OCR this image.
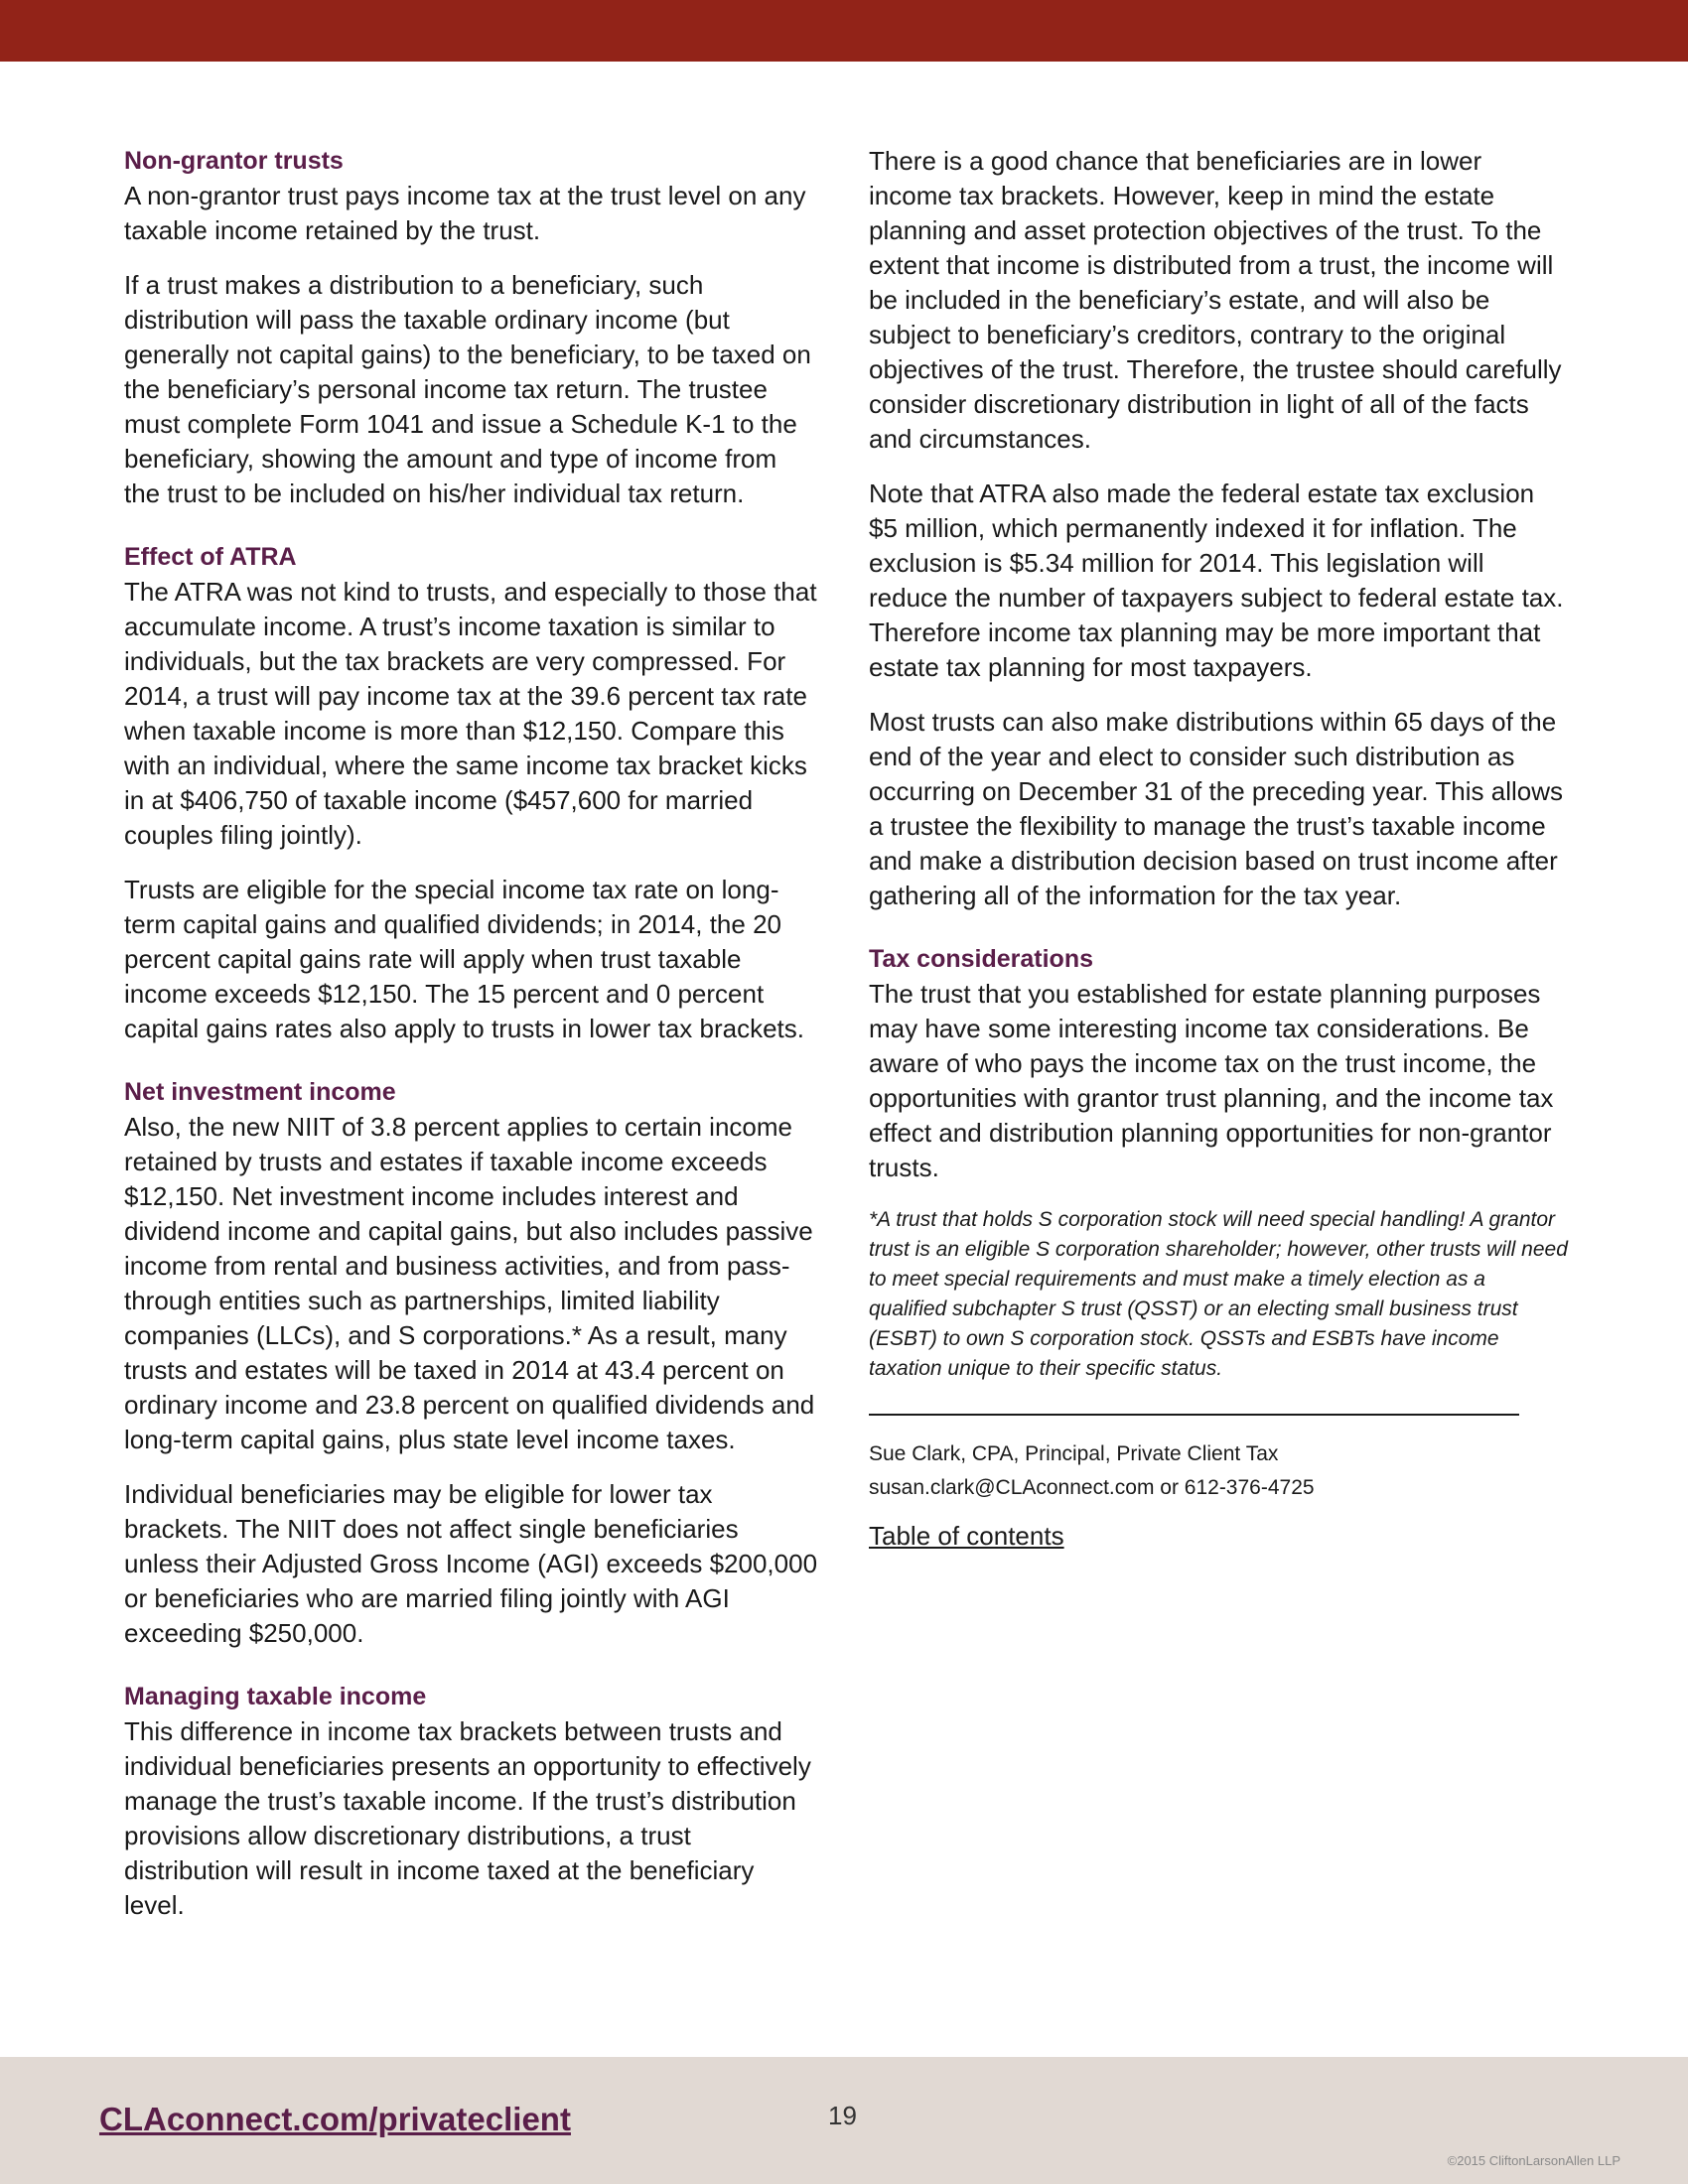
Non-grantor trusts

A non-grantor trust pays income tax at the trust level on any taxable income retained by the trust.

If a trust makes a distribution to a beneficiary, such distribution will pass the taxable ordinary income (but generally not capital gains) to the beneficiary, to be taxed on the beneficiary’s personal income tax return. The trustee must complete Form 1041 and issue a Schedule K-1 to the beneficiary, showing the amount and type of income from the trust to be included on his/her individual tax return.

Effect of ATRA

The ATRA was not kind to trusts, and especially to those that accumulate income. A trust’s income taxation is similar to individuals, but the tax brackets are very compressed. For 2014, a trust will pay income tax at the 39.6 percent tax rate when taxable income is more than $12,150. Compare this with an individual, where the same income tax bracket kicks in at $406,750 of taxable income ($457,600 for married couples filing jointly).

Trusts are eligible for the special income tax rate on long-term capital gains and qualified dividends; in 2014, the 20 percent capital gains rate will apply when trust taxable income exceeds $12,150. The 15 percent and 0 percent capital gains rates also apply to trusts in lower tax brackets.

Net investment income

Also, the new NIIT of 3.8 percent applies to certain income retained by trusts and estates if taxable income exceeds $12,150. Net investment income includes interest and dividend income and capital gains, but also includes passive income from rental and business activities, and from pass-through entities such as partnerships, limited liability companies (LLCs), and S corporations.* As a result, many trusts and estates will be taxed in 2014 at 43.4 percent on ordinary income and 23.8 percent on qualified dividends and long-term capital gains, plus state level income taxes.

Individual beneficiaries may be eligible for lower tax brackets. The NIIT does not affect single beneficiaries unless their Adjusted Gross Income (AGI) exceeds $200,000 or beneficiaries who are married filing jointly with AGI exceeding $250,000.

Managing taxable income

This difference in income tax brackets between trusts and individual beneficiaries presents an opportunity to effectively manage the trust’s taxable income. If the trust’s distribution provisions allow discretionary distributions, a trust distribution will result in income taxed at the beneficiary level.

There is a good chance that beneficiaries are in lower income tax brackets. However, keep in mind the estate planning and asset protection objectives of the trust. To the extent that income is distributed from a trust, the income will be included in the beneficiary’s estate, and will also be subject to beneficiary’s creditors, contrary to the original objectives of the trust. Therefore, the trustee should carefully consider discretionary distribution in light of all of the facts and circumstances.

Note that ATRA also made the federal estate tax exclusion $5 million, which permanently indexed it for inflation. The exclusion is $5.34 million for 2014. This legislation will reduce the number of taxpayers subject to federal estate tax. Therefore income tax planning may be more important that estate tax planning for most taxpayers.

Most trusts can also make distributions within 65 days of the end of the year and elect to consider such distribution as occurring on December 31 of the preceding year. This allows a trustee the flexibility to manage the trust’s taxable income and make a distribution decision based on trust income after gathering all of the information for the tax year.

Tax considerations

The trust that you established for estate planning purposes may have some interesting income tax considerations. Be aware of who pays the income tax on the trust income, the opportunities with grantor trust planning, and the income tax effect and distribution planning opportunities for non-grantor trusts.

*A trust that holds S corporation stock will need special handling! A grantor trust is an eligible S corporation shareholder; however, other trusts will need to meet special requirements and must make a timely election as a qualified subchapter S trust (QSST) or an electing small business trust (ESBT) to own S corporation stock. QSSTs and ESBTs have income taxation unique to their specific status.

Sue Clark, CPA, Principal, Private Client Tax
susan.clark@CLAconnect.com or 612-376-4725
Table of contents
CLAconnect.com/privateclient	19
©2015 CliftonLarsonAllen LLP
